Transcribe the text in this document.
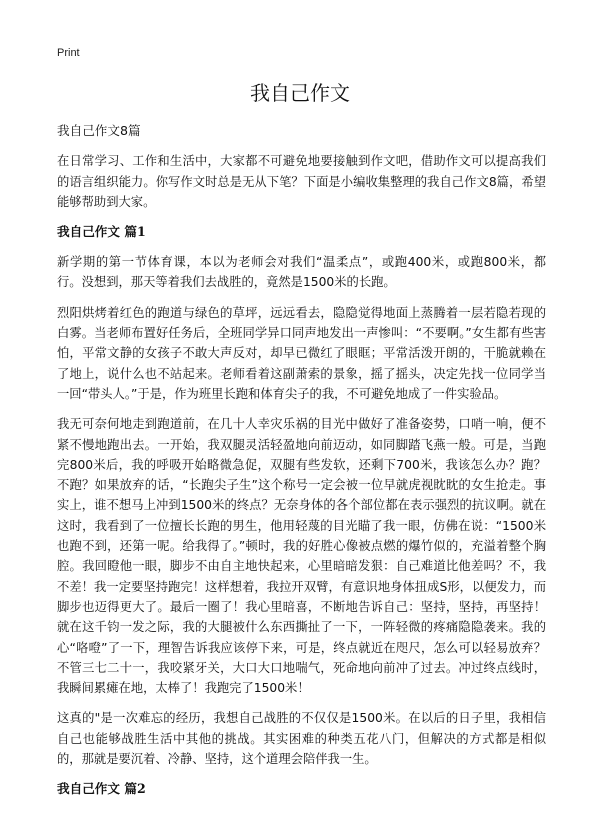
Print
我自己作文

我自己作文8篇

在日常学习、工作和生活中，大家都不可避免地要接触到作文吧，借助作文可以提高我们的语言组织能力。你写作文时总是无从下笔？下面是小编收集整理的我自己作文8篇，希望能够帮助到大家。

我自己作文 篇1

新学期的第一节体育课，本以为老师会对我们“温柔点”，或跑400米，或跑800米，都行。没想到，那天等着我们去战胜的，竟然是1500米的长跑。

烈阳烘烤着红色的跑道与绿色的草坪，远远看去，隐隐觉得地面上蒸腾着一层若隐若现的白雾。当老师布置好任务后，全班同学异口同声地发出一声惨叫：“不要啊。”女生都有些害怕，平常文静的女孩子不敢大声反对，却早已微红了眼眶；平常活泼开朗的，干脆就赖在了地上，说什么也不站起来。老师看着这副萧索的景象，摇了摇头，决定先找一位同学当一回“带头人。”于是，作为班里长跑和体育尖子的我，不可避免地成了一件实验品。

我无可奈何地走到跑道前，在几十人幸灾乐祸的目光中做好了准备姿势，口哨一响，便不紧不慢地跑出去。一开始，我双腿灵活轻盈地向前迈动，如同脚踏飞燕一般。可是，当跑完800米后，我的呼吸开始略微急促，双腿有些发软，还剩下700米，我该怎么办？跑？不跑？如果放弃的话，“长跑尖子生”这个称号一定会被一位早就虎视眈眈的女生抢走。事实上，谁不想马上冲到1500米的终点？无奈身体的各个部位都在表示强烈的抗议啊。就在这时，我看到了一位擅长长跑的男生，他用轻蔑的目光瞄了我一眼，仿佛在说：“1500米也跑不到，还第一呢。给我得了。”顿时，我的好胜心像被点燃的爆竹似的，充溢着整个胸腔。我回瞪他一眼，脚步不由自主地快起来，心里暗暗发狠：自己难道比他差吗？不，我不差！我一定要坚持跑完！这样想着，我拉开双臂，有意识地身体扭成S形，以便发力，而脚步也迈得更大了。最后一圈了！我心里暗喜，不断地告诉自己：坚持，坚持，再坚持！就在这千钧一发之际，我的大腿被什么东西撕扯了一下，一阵轻微的疼痛隐隐袭来。我的心“咯噔”了一下，理智告诉我应该停下来，可是，终点就近在咫尺，怎么可以轻易放弃？不管三七二十一，我咬紧牙关，大口大口地喘气，死命地向前冲了过去。冲过终点线时，我瞬间累瘫在地，太棒了！我跑完了1500米！

这真的"是一次难忘的经历，我想自己战胜的不仅仅是1500米。在以后的日子里，我相信自己也能够战胜生活中其他的挑战。其实困难的种类五花八门，但解决的方式都是相似的，那就是要沉着、冷静、坚持，这个道理会陪伴我一生。

我自己作文 篇2
